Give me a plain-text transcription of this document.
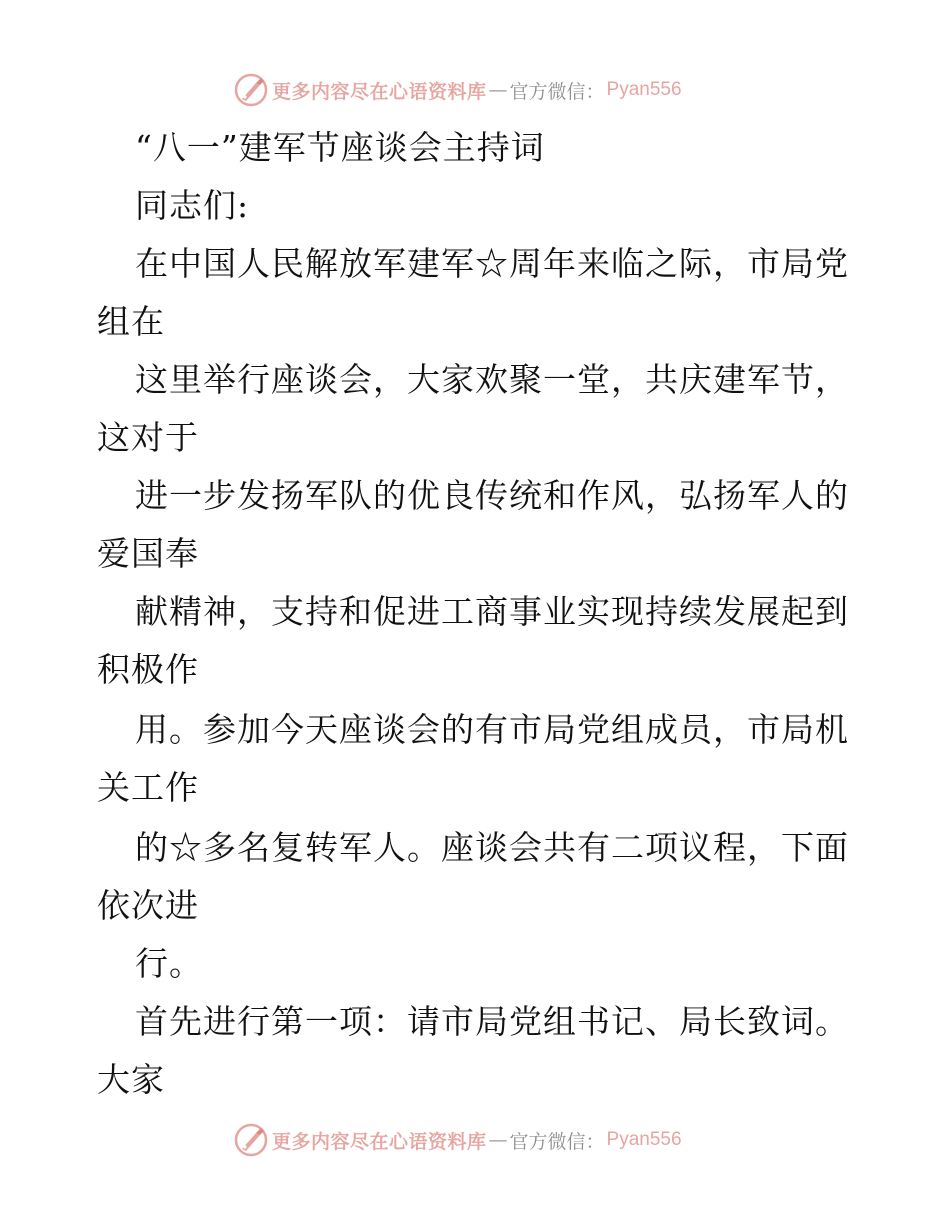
更多内容尽在心语资料库 — 官方微信： Pyan556
“八一”建军节座谈会主持词
同志们:
在中国人民解放军建军☆周年来临之际，市局党
组在
这里举行座谈会，大家欢聚一堂，共庆建军节，
这对于
进一步发扬军队的优良传统和作风，弘扬军人的
爱国奉
献精神，支持和促进工商事业实现持续发展起到
积极作
用。参加今天座谈会的有市局党组成员，市局机
关工作
的☆多名复转军人。座谈会共有二项议程，下面
依次进
行。
首先进行第一项：请市局党组书记、局长致词。
大家
更多内容尽在心语资料库 — 官方微信： Pyan556
